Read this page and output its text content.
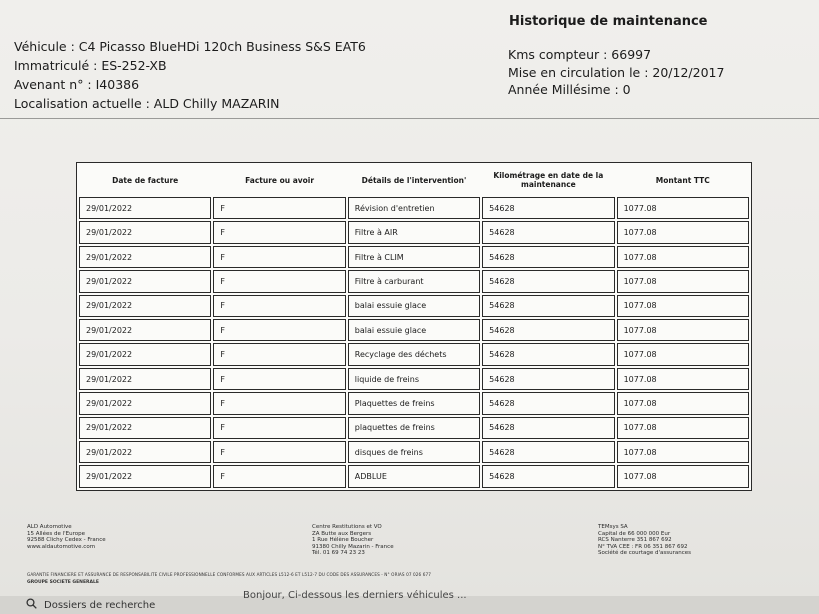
Historique de maintenance
Véhicule : C4 Picasso BlueHDi 120ch Business S&S EAT6
Immatriculé : ES-252-XB
Avenant n° : I40386
Localisation actuelle : ALD Chilly MAZARIN
Kms compteur : 66997
Mise en circulation le : 20/12/2017
Année Millésime : 0
Date de facture	Facture ou avoir	Détails de l'intervention'	Kilométrage en date de la maintenance	Montant TTC
29/01/2022	F	Révision d'entretien	54628	1077.08
29/01/2022	F	Filtre à AIR	54628	1077.08
29/01/2022	F	Filtre à CLIM	54628	1077.08
29/01/2022	F	Filtre à carburant	54628	1077.08
29/01/2022	F	balai essuie glace	54628	1077.08
29/01/2022	F	balai essuie glace	54628	1077.08
29/01/2022	F	Recyclage des déchets	54628	1077.08
29/01/2022	F	liquide de freins	54628	1077.08
29/01/2022	F	Plaquettes de freins	54628	1077.08
29/01/2022	F	plaquettes de freins	54628	1077.08
29/01/2022	F	disques de freins	54628	1077.08
29/01/2022	F	ADBLUE	54628	1077.08
ALD Automotive
15 Allées de l'Europe
92588 Clichy Cedex - France
www.aldautomotive.com
Centre Restitutions et VO
ZA Butte aux Bergers
1 Rue Hélène Boucher
91380 Chilly Mazarin - France
Tél. 01 69 74 23 23
TEMsys SA
Capital de 66 000 000 Eur
RCS Nanterre 351 867 692
N° TVA CEE : FR 06 351 867 692
Société de courtage d'assurances
GARANTIE FINANCIERE ET ASSURANCE DE RESPONSABILITE CIVILE PROFESSIONNELLE CONFORMES AUX ARTICLES L512-6 ET L512-7 DU CODE DES ASSURANCES - N° ORIAS 07 026 677
GROUPE SOCIETE GENERALE
Dossiers de recherche
Bonjour, Ci-dessous les derniers véhicules ...
